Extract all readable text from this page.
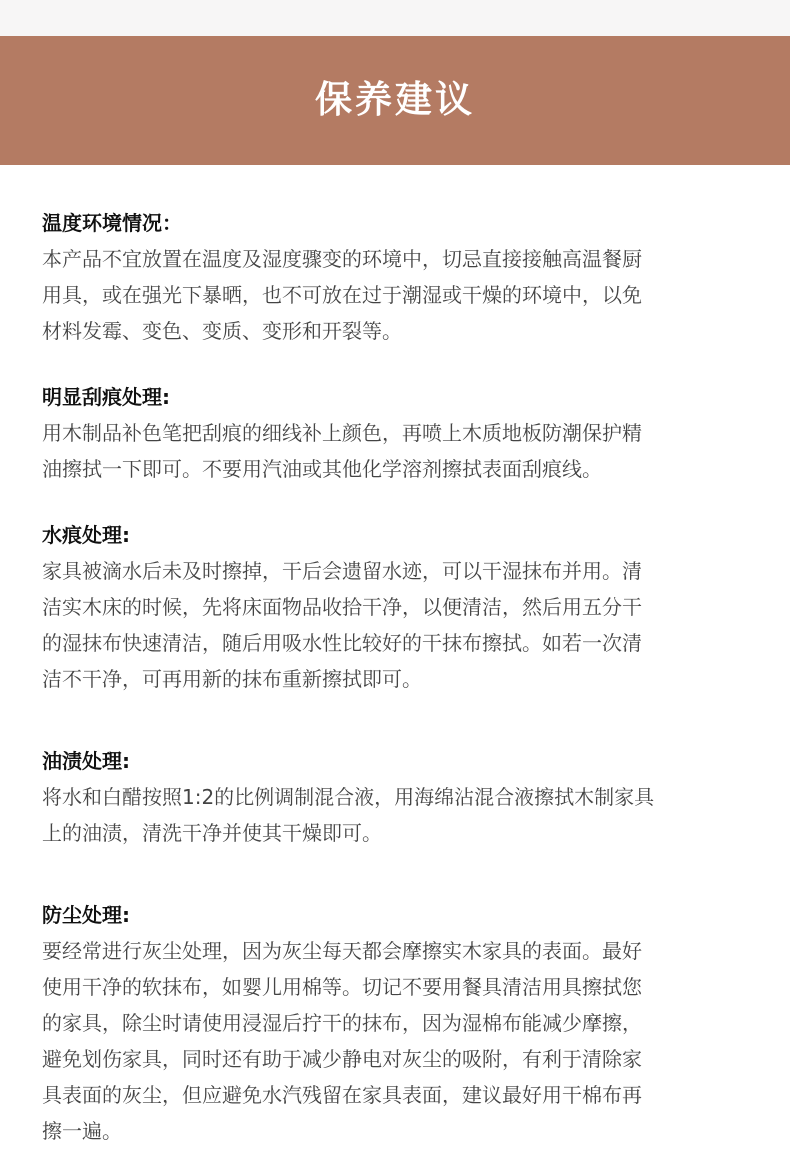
保养建议
温度环境情况：
本产品不宜放置在温度及湿度骤变的环境中，切忌直接接触高温餐厨
用具，或在强光下暴晒，也不可放在过于潮湿或干燥的环境中，以免
材料发霉、变色、变质、变形和开裂等。
明显刮痕处理:
用木制品补色笔把刮痕的细线补上颜色，再喷上木质地板防潮保护精
油擦拭一下即可。不要用汽油或其他化学溶剂擦拭表面刮痕线。
水痕处理:
家具被滴水后未及时擦掉，干后会遗留水迹，可以干湿抹布并用。清
洁实木床的时候，先将床面物品收拾干净，以便清洁，然后用五分干
的湿抹布快速清洁，随后用吸水性比较好的干抹布擦拭。如若一次清
洁不干净，可再用新的抹布重新擦拭即可。
油渍处理:
将水和白醋按照1:2的比例调制混合液，用海绵沾混合液擦拭木制家具
上的油渍，清洗干净并使其干燥即可。
防尘处理:
要经常进行灰尘处理，因为灰尘每天都会摩擦实木家具的表面。最好
使用干净的软抹布，如婴儿用棉等。切记不要用餐具清洁用具擦拭您
的家具，除尘时请使用浸湿后拧干的抹布，因为湿棉布能减少摩擦，
避免划伤家具，同时还有助于减少静电对灰尘的吸附，有利于清除家
具表面的灰尘，但应避免水汽残留在家具表面，建议最好用干棉布再
擦一遍。
